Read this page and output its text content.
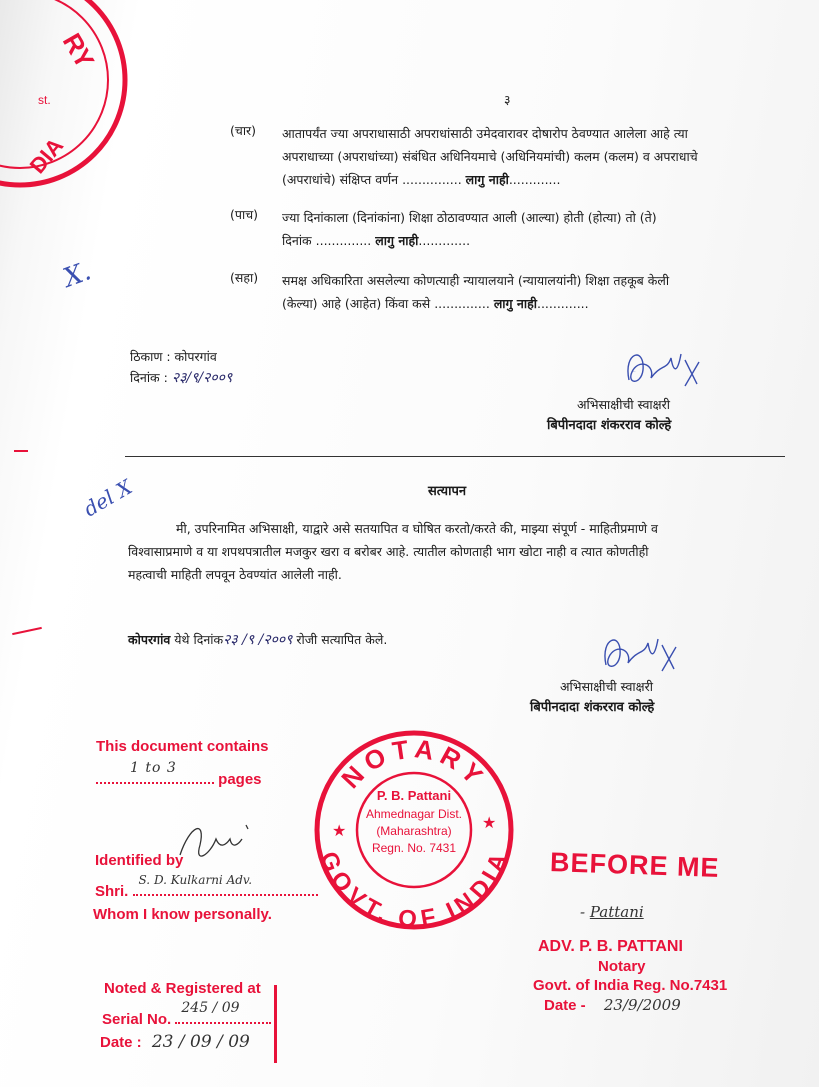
RY
st.
DIA
३
(चार) आतापर्यंत ज्या अपराधासाठी अपराधांसाठी उमेदवारावर दोषारोप ठेवण्यात आलेला आहे त्या
अपराधाच्या (अपराधांच्या) संबंधित अधिनियमाचे (अधिनियमांची) कलम (कलम) व अपराधाचे
(अपराधांचे) संक्षिप्त वर्णन ............... लागु नाही.............
(पाच) ज्या दिनांकाला (दिनांकांना) शिक्षा ठोठावण्यात आली (आल्या) होती (होत्या) तो (ते)
दिनांक .............. लागु नाही.............
(सहा) समक्ष अधिकारिता असलेल्या कोणत्याही न्यायालयाने (न्यायालयांनी) शिक्षा तहकूब केली
(केल्या) आहे (आहेत) किंवा कसे .............. लागु नाही.............
X.
ठिकाण : कोपरगांव
दिनांक : २३/९/२००९	Bkall
अभिसाक्षीची स्वाक्षरी
बिपीनदादा शंकरराव कोल्हे
सत्यापन
मी, उपरिनामित अभिसाक्षी, याद्वारे असे सतयापित व घोषित करतो/करते की, माझ्या संपूर्ण - माहितीप्रमाणे व
विश्वासाप्रमाणे व या शपथपत्रातील मजकुर खरा व बरोबर आहे. त्यातील कोणताही भाग खोटा नाही व त्यात कोणतीही
महत्वाची माहिती लपवून ठेवण्यांत आलेली नाही.
del X
कोपरगांव येथे दिनांक२३ /९ /२००९ रोजी सत्यापित केले.
अभिसाक्षीची स्वाक्षरी
बिपीनदादा शंकरराव कोल्हे
This document contains
1 to 3
pages
Identified by
Shri.
S. D. Kulkarni Adv.
Whom I know personally.
Noted & Registered at
Serial No.
245 / 09
Date : 23 / 09 / 09
NOTARY
GOVT. OF INDIA
★	★
P. B. Pattani
Ahmednagar Dist.
(Maharashtra)
Regn. No. 7431	BEFORE ME
- Pattani
ADV. P. B. PATTANI
Notary
Govt. of India Reg. No.7431
Date - 23/9/2009
